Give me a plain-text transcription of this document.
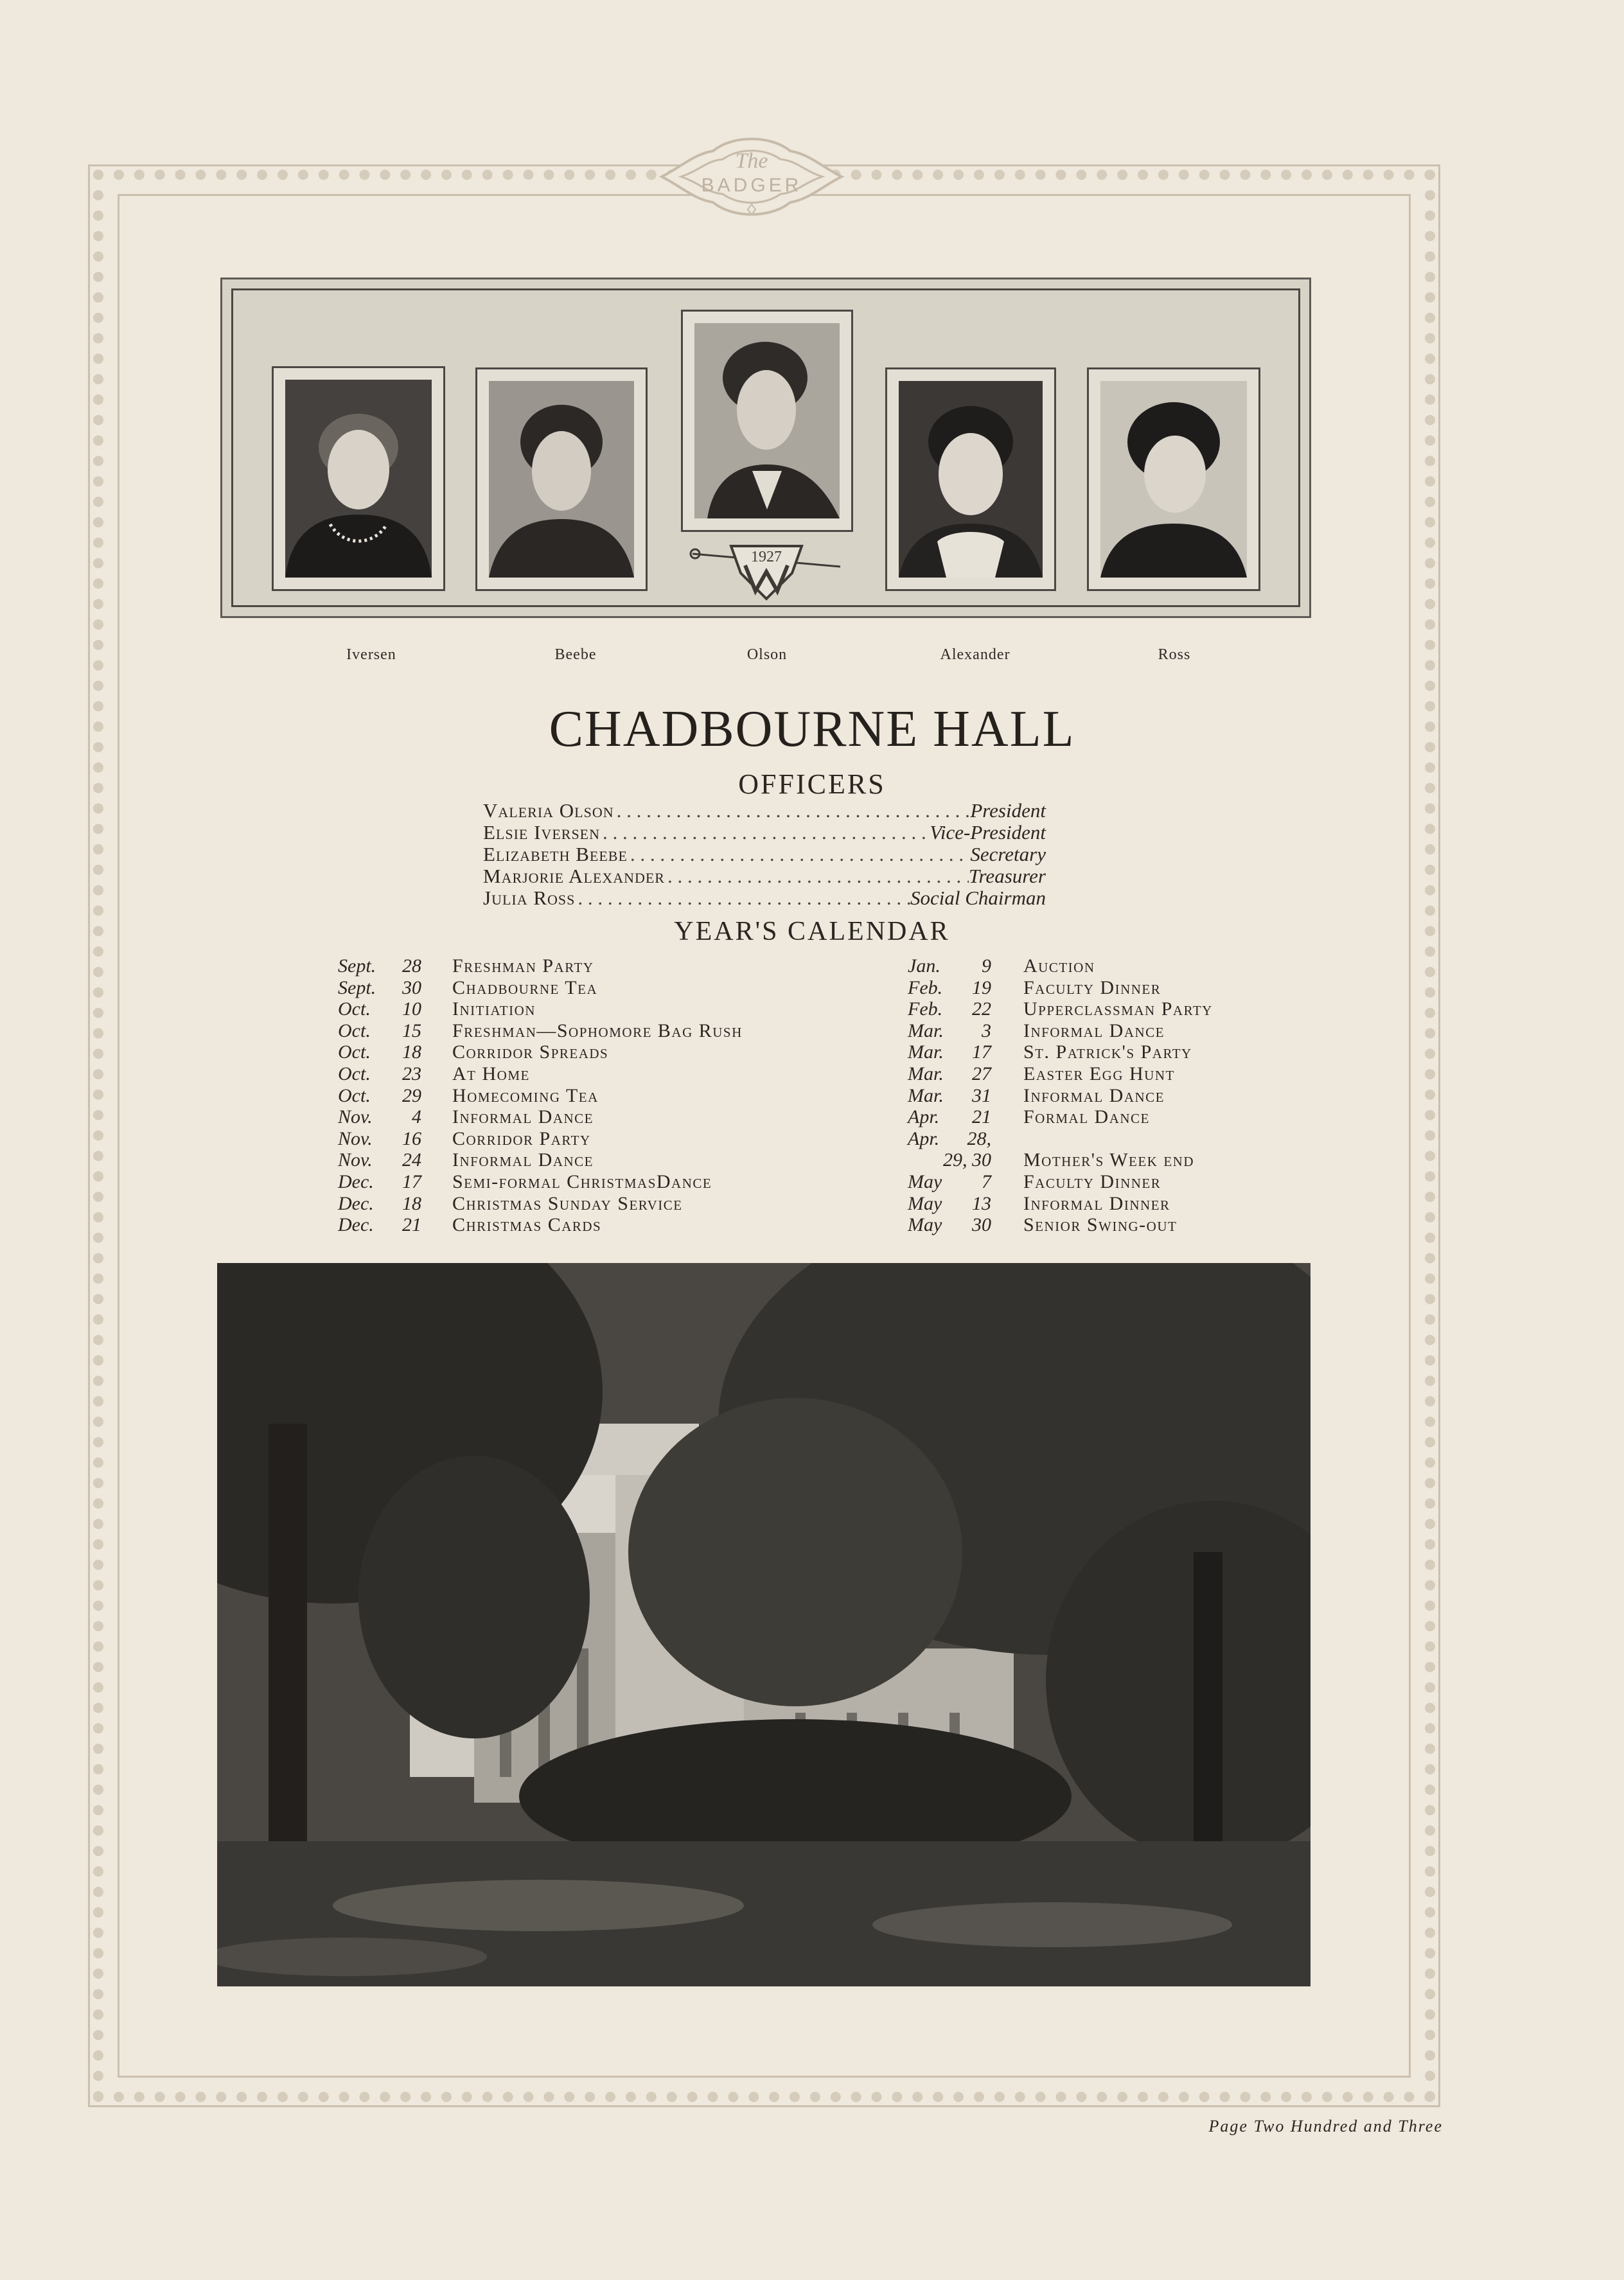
The
BADGER
1927
Iversen	Beebe	Olson	Alexander	Ross
CHADBOURNE HALL
OFFICERS
Valeria Olson . . .	President
Elsie Iversen . . .	Vice-President
Elizabeth Beebe . . .	Secretary
Marjorie Alexander . . .	Treasurer
Julia Ross . . .	Social Chairman
YEAR'S CALENDAR
Sept. 28 Freshman Party
Sept. 30 Chadbourne Tea
Oct. 10 Initiation
Oct. 15 Freshman—Sophomore Bag Rush
Oct. 18 Corridor Spreads
Oct. 23 At Home
Oct. 29 Homecoming Tea
Nov. 4 Informal Dance
Nov. 16 Corridor Party
Nov. 24 Informal Dance
Dec. 17 Semi-formal ChristmasDance
Dec. 18 Christmas Sunday Service
Dec. 21 Christmas Cards
Jan. 9 Auction
Feb. 19 Faculty Dinner
Feb. 22 Upperclassman Party
Mar. 3 Informal Dance
Mar. 17 St. Patrick's Party
Mar. 27 Easter Egg Hunt
Mar. 31 Informal Dance
Apr. 21 Formal Dance
Apr. 28,
29, 30 Mother's Week end
May 7 Faculty Dinner
May 13 Informal Dinner
May 30 Senior Swing-out
Page Two Hundred and Three
